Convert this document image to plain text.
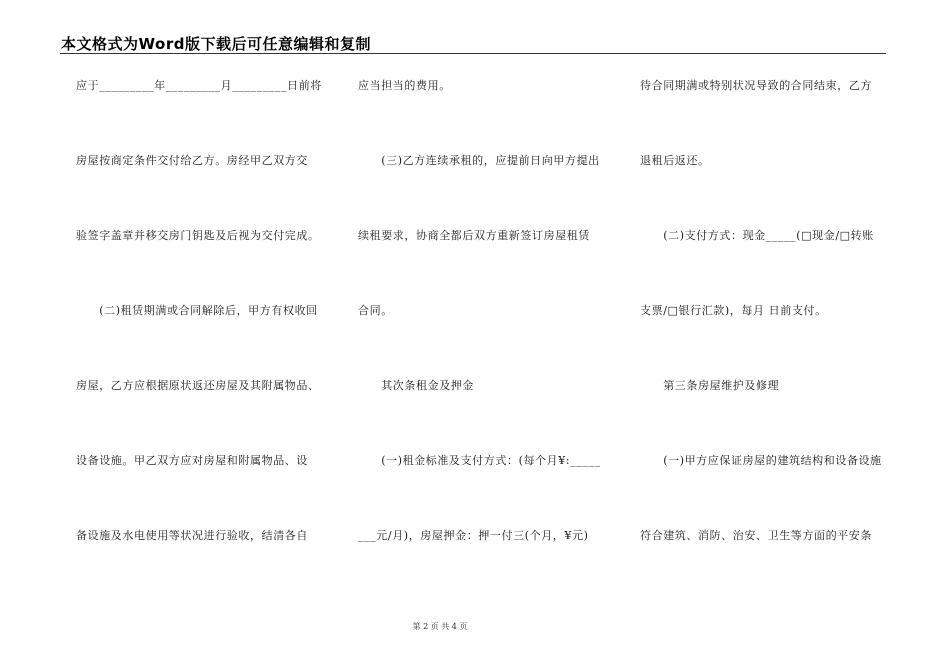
本文格式为Word版下载后可任意编辑和复制
应于_________年_________月_________日前将
房屋按商定条件交付给乙方。房经甲乙双方交
验签字盖章并移交房门钥匙及后视为交付完成。
　　(二)租赁期满或合同解除后，甲方有权收回
房屋，乙方应根据原状返还房屋及其附属物品、
设备设施。甲乙双方应对房屋和附属物品、设
备设施及水电使用等状况进行验收，结清各自
应当担当的费用。
　　(三)乙方连续承租的，应提前日向甲方提出
续租要求，协商全都后双方重新签订房屋租赁
合同。
　　其次条租金及押金
　　(一)租金标准及支付方式：(每个月¥:_____
___元/月)，房屋押金：押一付三(个月，¥元)
待合同期满或特别状况导致的合同结束，乙方
退租后返还。
　　(二)支付方式：现金_____(□现金/□转账
支票/□银行汇款)，每月 日前支付。
　　第三条房屋维护及修理
　　(一)甲方应保证房屋的建筑结构和设备设施
符合建筑、消防、治安、卫生等方面的平安条
第 2 页 共 4 页
